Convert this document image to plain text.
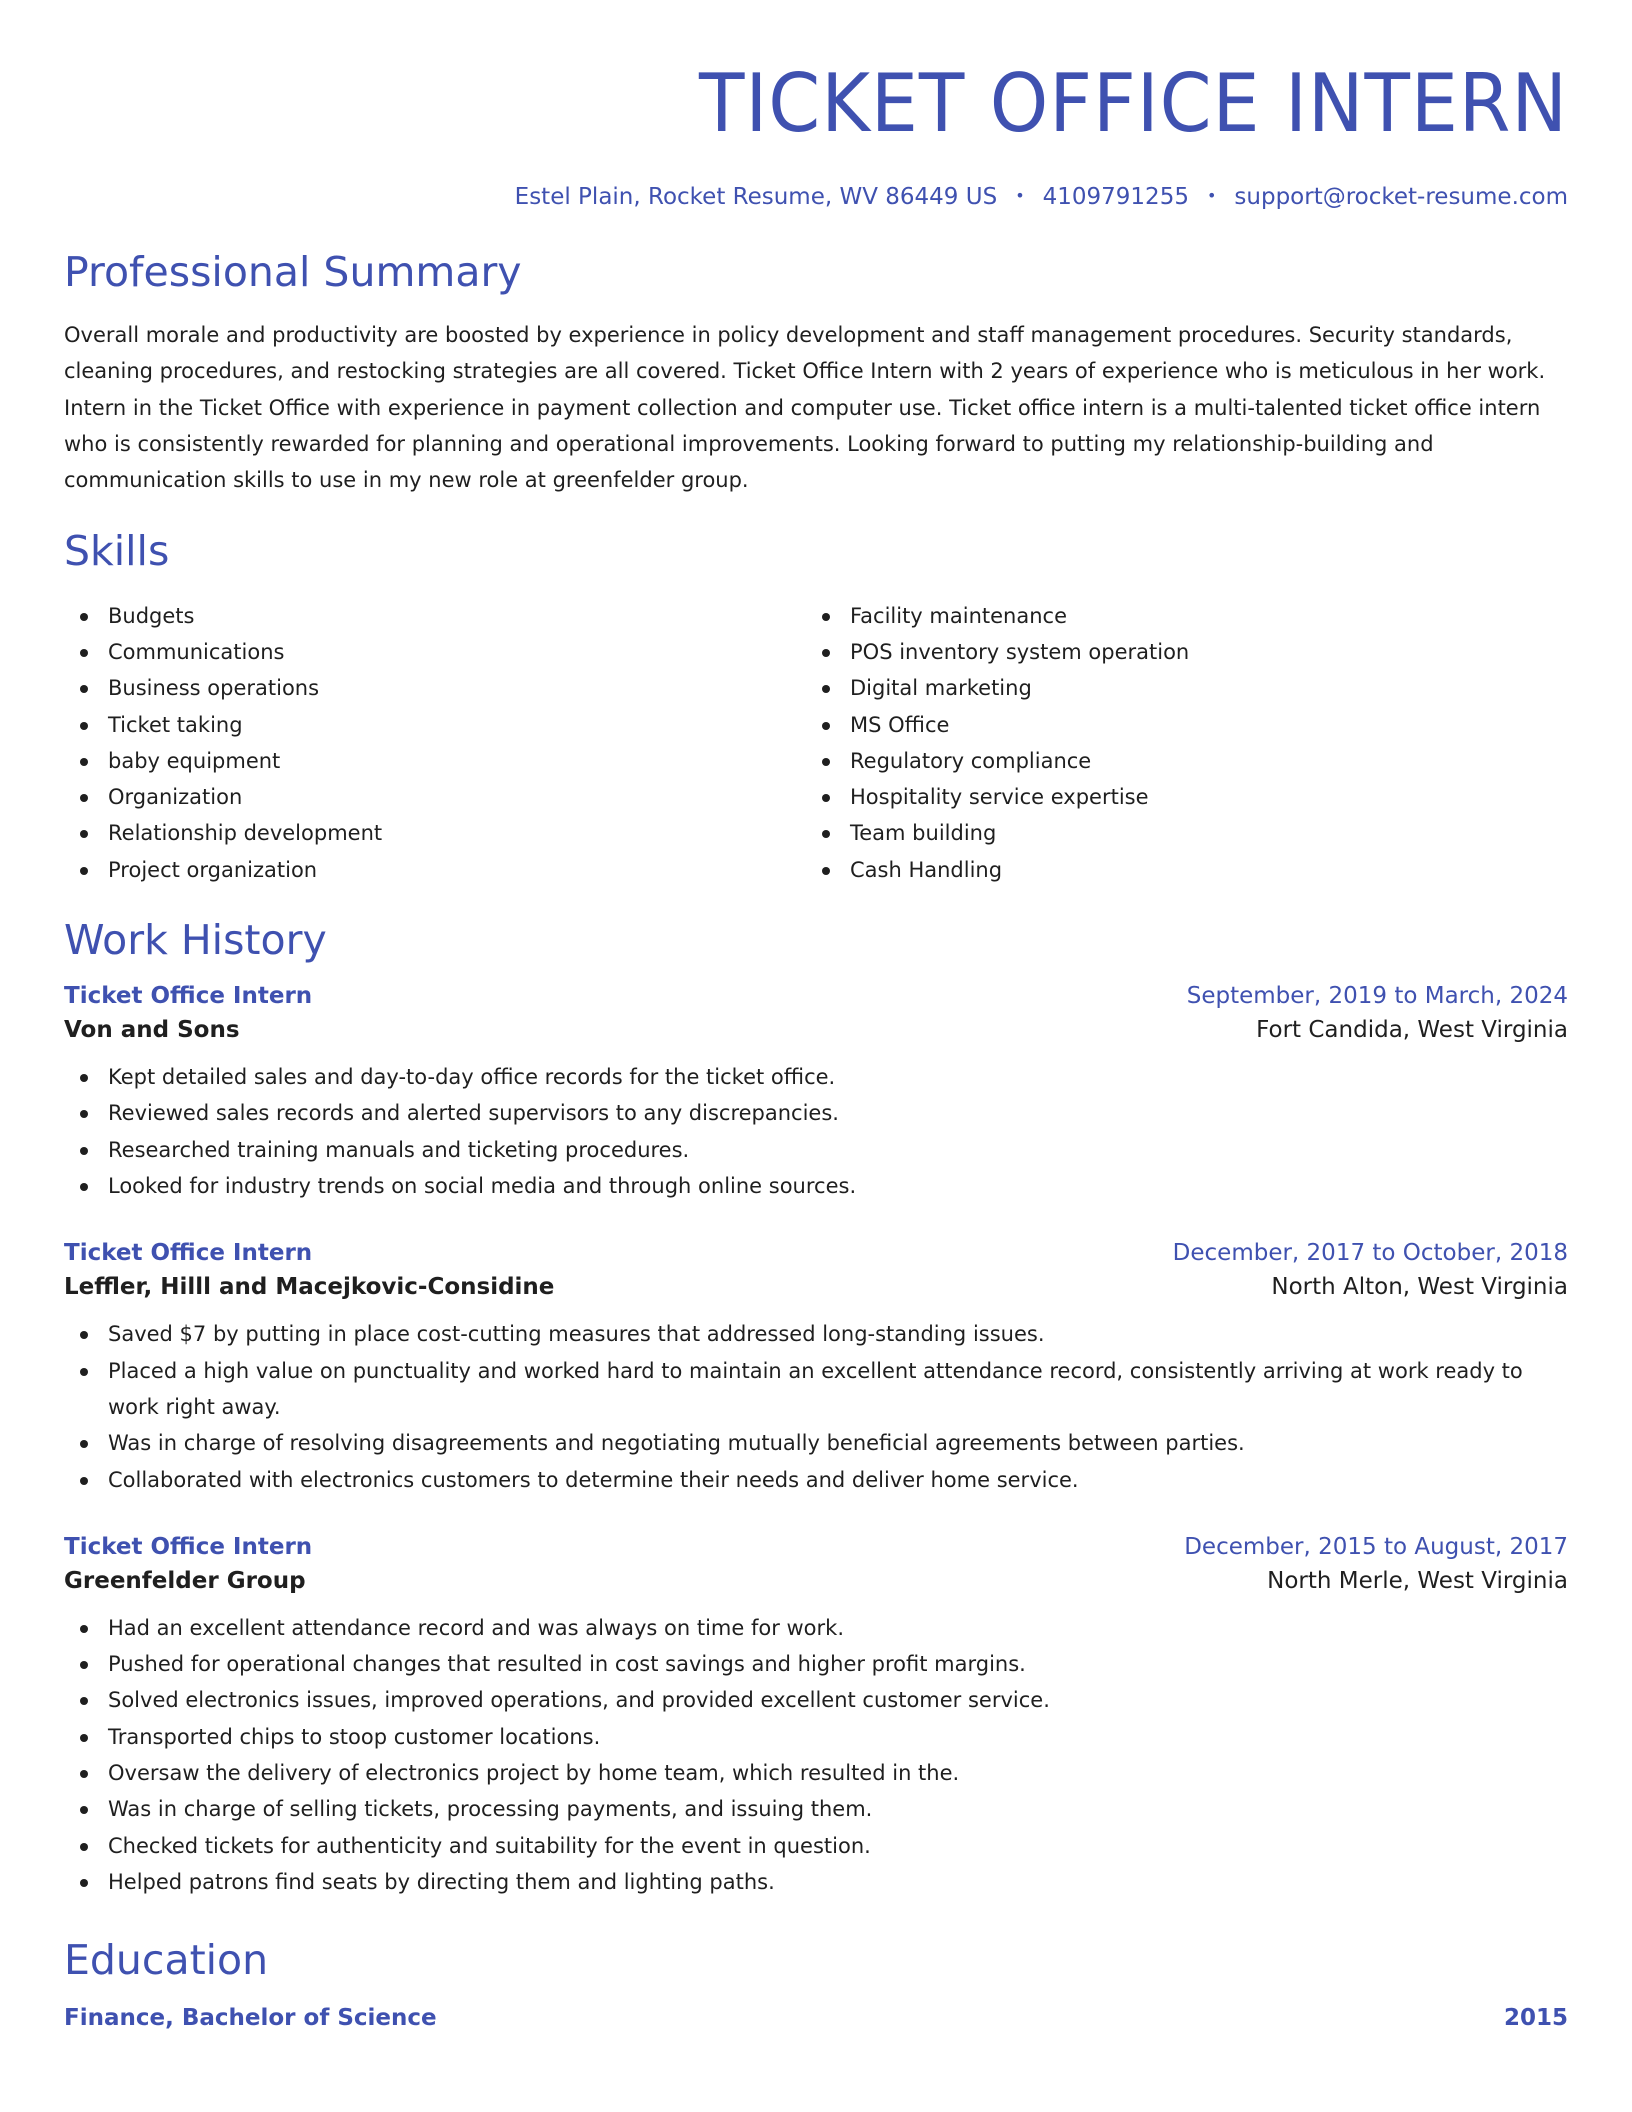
TICKET OFFICE INTERN
Estel Plain, Rocket Resume, WV 86449 US • 4109791255 • support@rocket-resume.com
Professional Summary

Overall morale and productivity are boosted by experience in policy development and staff management procedures. Security standards, cleaning procedures, and restocking strategies are all covered. Ticket Office Intern with 2 years of experience who is meticulous in her work. Intern in the Ticket Office with experience in payment collection and computer use. Ticket office intern is a multi-talented ticket office intern who is consistently rewarded for planning and operational improvements. Looking forward to putting my relationship-building and communication skills to use in my new role at greenfelder group.

Skills
Budgets
Communications
Business operations
Ticket taking
baby equipment
Organization
Relationship development
Project organization
Facility maintenance
POS inventory system operation
Digital marketing
MS Office
Regulatory compliance
Hospitality service expertise
Team building
Cash Handling
Work History
Ticket Office Intern	September, 2019 to March, 2024
Von and Sons	Fort Candida, West Virginia
Kept detailed sales and day-to-day office records for the ticket office.
Reviewed sales records and alerted supervisors to any discrepancies.
Researched training manuals and ticketing procedures.
Looked for industry trends on social media and through online sources.
Ticket Office Intern	December, 2017 to October, 2018
Leffler, Hilll and Macejkovic-Considine	North Alton, West Virginia
Saved $7 by putting in place cost-cutting measures that addressed long-standing issues.
Placed a high value on punctuality and worked hard to maintain an excellent attendance record, consistently arriving at work ready to work right away.
Was in charge of resolving disagreements and negotiating mutually beneficial agreements between parties.
Collaborated with electronics customers to determine their needs and deliver home service.
Ticket Office Intern	December, 2015 to August, 2017
Greenfelder Group	North Merle, West Virginia
Had an excellent attendance record and was always on time for work.
Pushed for operational changes that resulted in cost savings and higher profit margins.
Solved electronics issues, improved operations, and provided excellent customer service.
Transported chips to stoop customer locations.
Oversaw the delivery of electronics project by home team, which resulted in the.
Was in charge of selling tickets, processing payments, and issuing them.
Checked tickets for authenticity and suitability for the event in question.
Helped patrons find seats by directing them and lighting paths.
Education
Finance, Bachelor of Science	2015
